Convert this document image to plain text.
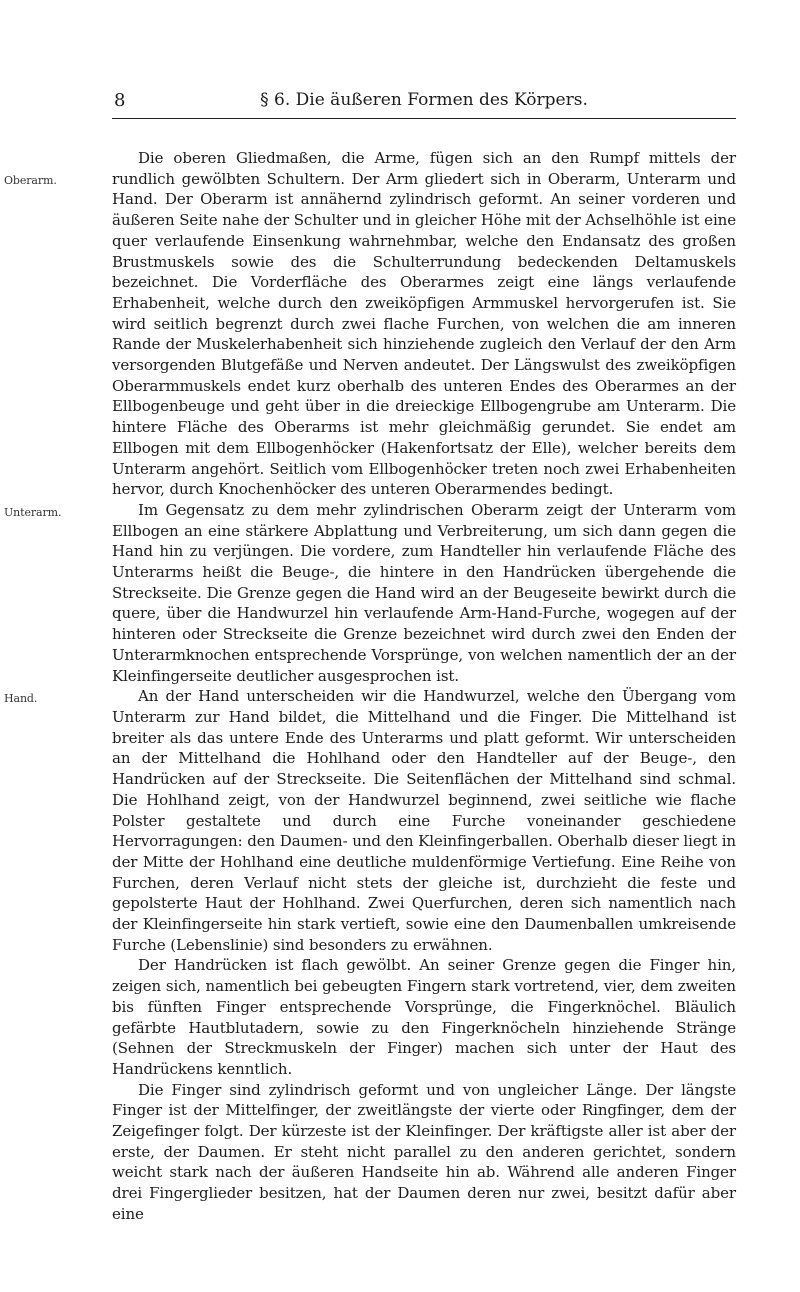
8	§ 6. Die äußeren Formen des Körpers.

Oberarm.
Die oberen Gliedmaßen, die Arme, fügen sich an den Rumpf mittels der rundlich gewölbten Schultern. Der Arm gliedert sich in Oberarm, Unterarm und Hand. Der Oberarm ist annähernd zylindrisch geformt. An seiner vorderen und äußeren Seite nahe der Schulter und in gleicher Höhe mit der Achselhöhle ist eine quer verlaufende Einsenkung wahrnehmbar, welche den Endansatz des großen Brustmuskels sowie des die Schulterrundung bedeckenden Deltamuskels bezeichnet. Die Vorderfläche des Oberarmes zeigt eine längs verlaufende Erhabenheit, welche durch den zweiköpfigen Armmuskel hervorgerufen ist. Sie wird seitlich begrenzt durch zwei flache Furchen, von welchen die am inneren Rande der Muskelerhabenheit sich hinziehende zugleich den Verlauf der den Arm versorgenden Blutgefäße und Nerven andeutet. Der Längswulst des zweiköpfigen Oberarmmuskels endet kurz oberhalb des unteren Endes des Oberarmes an der Ellbogenbeuge und geht über in die dreieckige Ellbogengrube am Unterarm. Die hintere Fläche des Oberarms ist mehr gleichmäßig gerundet. Sie endet am Ellbogen mit dem Ellbogenhöcker (Hakenfortsatz der Elle), welcher bereits dem Unterarm angehört. Seitlich vom Ellbogenhöcker treten noch zwei Erhabenheiten hervor, durch Knochenhöcker des unteren Oberarmendes bedingt.

Unterarm.	Im Gegensatz zu dem mehr zylindrischen Oberarm zeigt der Unterarm vom Ellbogen an eine stärkere Abplattung und Verbreiterung, um sich dann gegen die Hand hin zu verjüngen. Die vordere, zum Handteller hin verlaufende Fläche des Unterarms heißt die Beuge-, die hintere in den Handrücken übergehende die Streckseite. Die Grenze gegen die Hand wird an der Beugeseite bewirkt durch die quere, über die Handwurzel hin verlaufende Arm-Hand-Furche, wogegen auf der hinteren oder Streckseite die Grenze bezeichnet wird durch zwei den Enden der Unterarmknochen entsprechende Vorsprünge, von welchen namentlich der an der Kleinfingerseite deutlicher ausgesprochen ist.

Hand.	An der Hand unterscheiden wir die Handwurzel, welche den Übergang vom Unterarm zur Hand bildet, die Mittelhand und die Finger. Die Mittelhand ist breiter als das untere Ende des Unterarms und platt geformt. Wir unterscheiden an der Mittelhand die Hohlhand oder den Handteller auf der Beuge-, den Handrücken auf der Streckseite. Die Seitenflächen der Mittelhand sind schmal. Die Hohlhand zeigt, von der Handwurzel beginnend, zwei seitliche wie flache Polster gestaltete und durch eine Furche voneinander geschiedene Hervorragungen: den Daumen- und den Kleinfingerballen. Oberhalb dieser liegt in der Mitte der Hohlhand eine deutliche muldenförmige Vertiefung. Eine Reihe von Furchen, deren Verlauf nicht stets der gleiche ist, durchzieht die feste und gepolsterte Haut der Hohlhand. Zwei Querfurchen, deren sich namentlich nach der Kleinfingerseite hin stark vertieft, sowie eine den Daumenballen umkreisende Furche (Lebenslinie) sind besonders zu erwähnen.

Der Handrücken ist flach gewölbt. An seiner Grenze gegen die Finger hin, zeigen sich, namentlich bei gebeugten Fingern stark vortretend, vier, dem zweiten bis fünften Finger entsprechende Vorsprünge, die Fingerknöchel. Bläulich gefärbte Hautblutadern, sowie zu den Fingerknöcheln hinziehende Stränge (Sehnen der Streckmuskeln der Finger) machen sich unter der Haut des Handrückens kenntlich.

Die Finger sind zylindrisch geformt und von ungleicher Länge. Der längste Finger ist der Mittelfinger, der zweitlängste der vierte oder Ringfinger, dem der Zeigefinger folgt. Der kürzeste ist der Kleinfinger. Der kräftigste aller ist aber der erste, der Daumen. Er steht nicht parallel zu den anderen gerichtet, sondern weicht stark nach der äußeren Handseite hin ab. Während alle anderen Finger drei Fingerglieder besitzen, hat der Daumen deren nur zwei, besitzt dafür aber eine
